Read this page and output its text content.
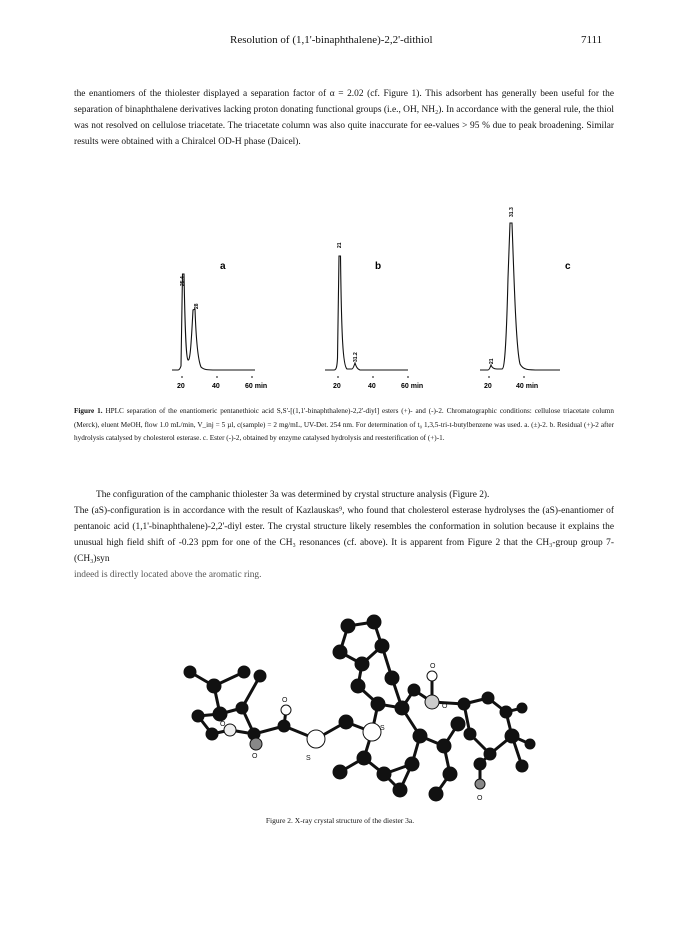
Resolution of (1,1'-binaphthalene)-2,2'-dithiol	7111

the enantiomers of the thiolester displayed a separation factor of α = 2.02 (cf. Figure 1). This adsorbent has generally been useful for the separation of binaphthalene derivatives lacking proton donating functional groups (i.e., OH, NH₂). In accordance with the general rule, the thiol was not resolved on cellulose triacetate. The triacetate column was also quite inaccurate for ee-values > 95 % due to peak broadening. Similar results were obtained with a Chiralcel OD-H phase (Daicel).

a
25.4
28
20	40	60 min
b
21
31.2
20	40	60 min
c
21
31.3
20	40 min

Figure 1. HPLC separation of the enantiomeric pentanethioic acid S,S'-[(1,1'-binaphthalene)-2,2'-diyl] esters (+)- and (-)-2. Chromatographic conditions: cellulose triacetate column (Merck), eluent MeOH, flow 1.0 mL/min, V_inj = 5 µl, c(sample) = 2 mg/mL, UV-Det. 254 nm. For determination of t₀ 1,3,5-tri-t-butylbenzene was used. a. (±)-2. b. Residual (+)-2 after hydrolysis catalysed by cholesterol esterase. c. Ester (-)-2, obtained by enzyme catalysed hydrolysis and reesterification of (+)-1.

The configuration of the camphanic thiolester 3a was determined by crystal structure analysis (Figure 2).
The (aS)-configuration is in accordance with the result of Kazlauskas⁹, who found that cholesterol esterase hydrolyses the (aS)-enantiomer of pentanoic acid (1,1'-binaphthalene)-2,2'-diyl ester. The crystal structure likely resembles the conformation in solution because it explains the unusual high field shift of -0.23 ppm for one of the CH₃ resonances (cf. above). It is apparent from Figure 2 that the CH₃-group group 7-(CH₃)syn
indeed is directly located above the aromatic ring.
O
O
O
O
S
S
O
O
Figure 2. X-ray crystal structure of the diester 3a.
